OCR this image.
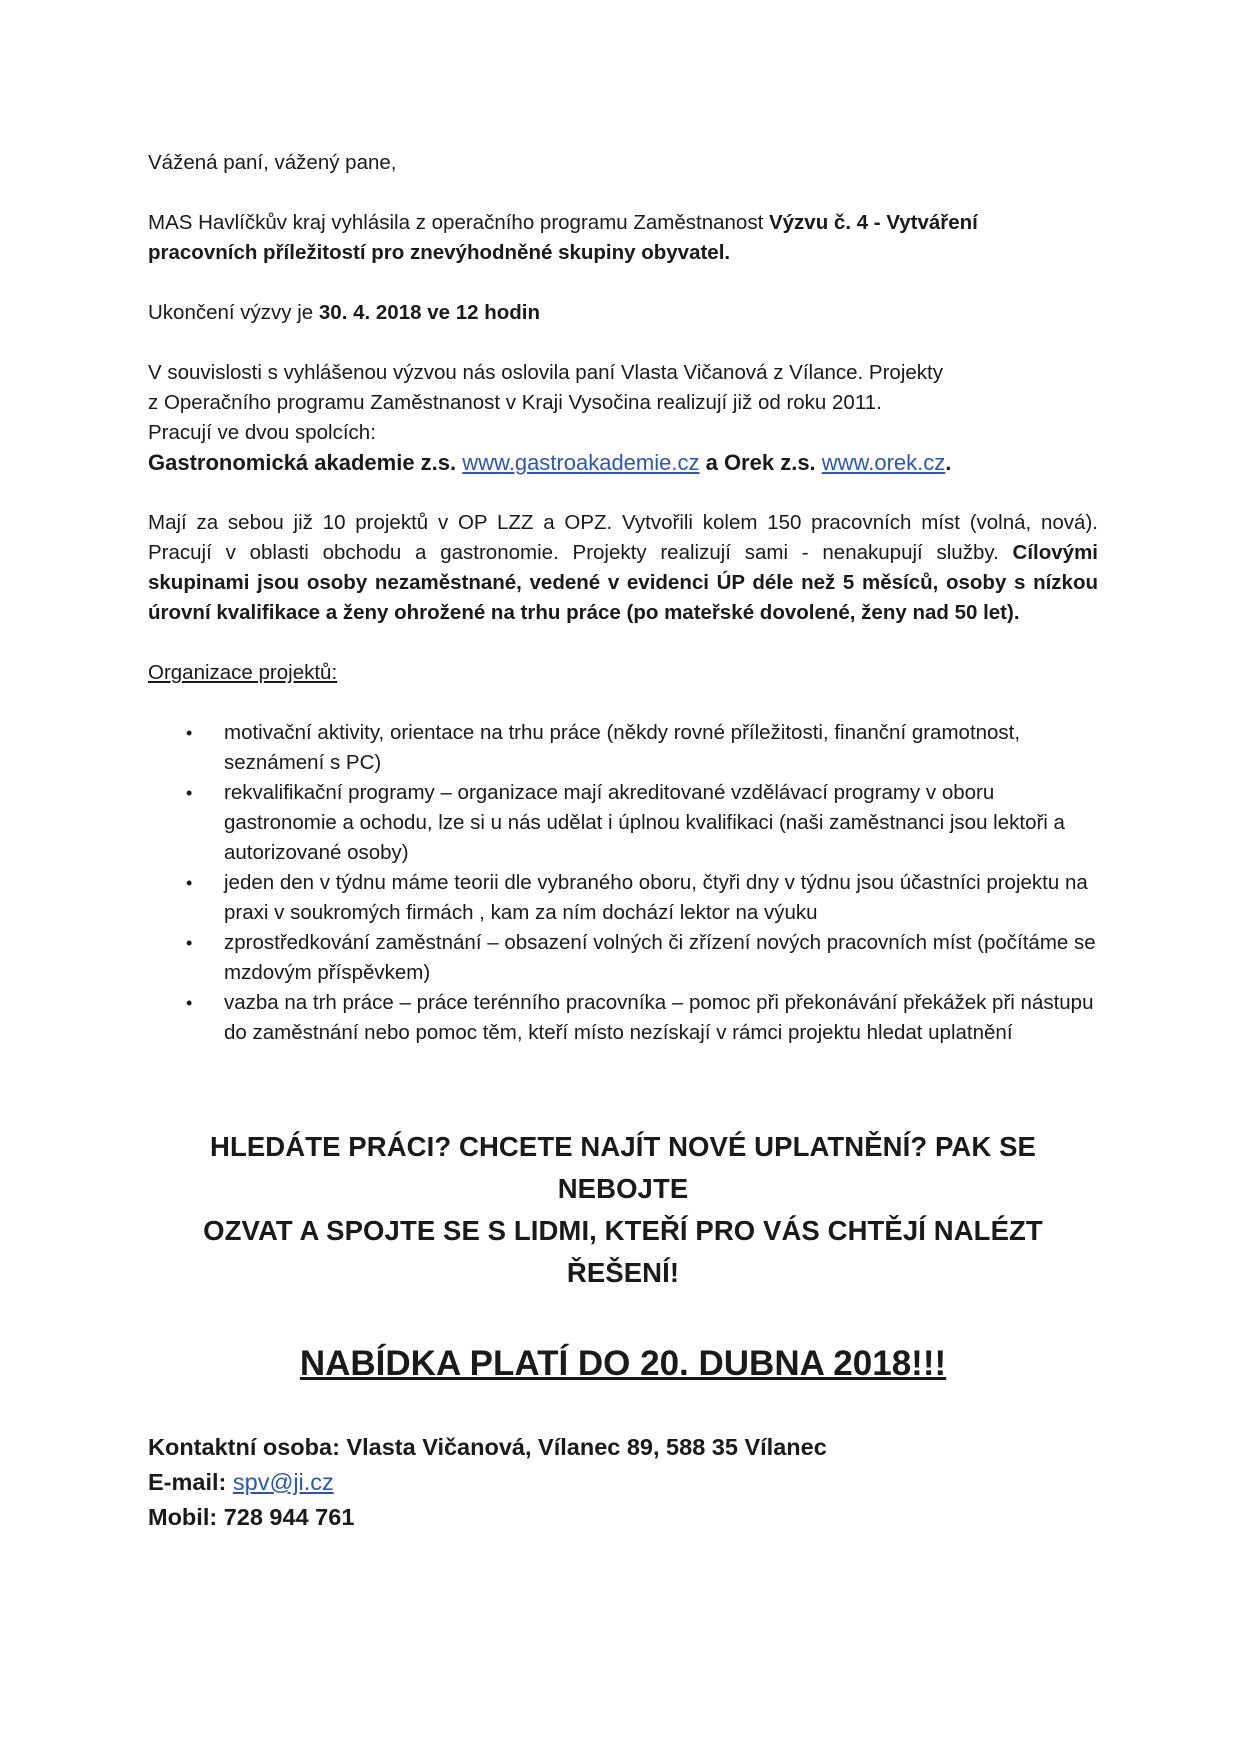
Vážená paní, vážený pane,

MAS Havlíčkův kraj vyhlásila z operačního programu Zaměstnanost Výzvu č. 4 - Vytváření pracovních příležitostí pro znevýhodněné skupiny obyvatel.

Ukončení výzvy je 30. 4. 2018 ve 12 hodin

V souvislosti s vyhlášenou výzvou nás oslovila paní Vlasta Vičanová z Vílance. Projekty

z Operačního programu Zaměstnanost v Kraji Vysočina realizují již od roku 2011.

Pracují ve dvou spolcích:

Gastronomická akademie z.s. www.gastroakademie.cz a Orek z.s. www.orek.cz.

Mají za sebou již 10 projektů v OP LZZ a OPZ. Vytvořili kolem 150 pracovních míst (volná, nová). Pracují v oblasti obchodu a gastronomie. Projekty realizují sami - nenakupují služby. Cílovými skupinami jsou osoby nezaměstnané, vedené v evidenci ÚP déle než 5 měsíců, osoby s nízkou úrovní kvalifikace a ženy ohrožené na trhu práce (po mateřské dovolené, ženy nad 50 let).

Organizace projektů:

• motivační aktivity, orientace na trhu práce (někdy rovné příležitosti, finanční gramotnost, seznámení s PC)
• rekvalifikační programy – organizace mají akreditované vzdělávací programy v oboru gastronomie a ochodu, lze si u nás udělat i úplnou kvalifikaci (naši zaměstnanci jsou lektoři a autorizované osoby)
• jeden den v týdnu máme teorii dle vybraného oboru, čtyři dny v týdnu jsou účastníci projektu na praxi v soukromých firmách , kam za ním dochází lektor na výuku
• zprostředkování zaměstnání – obsazení volných či zřízení nových pracovních míst (počítáme se mzdovým příspěvkem)
• vazba na trh práce – práce terénního pracovníka – pomoc při překonávání překážek při nástupu do zaměstnání nebo pomoc těm, kteří místo nezískají v rámci projektu hledat uplatnění
HLEDÁTE PRÁCI? CHCETE NAJÍT NOVÉ UPLATNĚNÍ? PAK SE NEBOJTE
OZVAT A SPOJTE SE S LIDMI, KTEŘÍ PRO VÁS CHTĚJÍ NALÉZT ŘEŠENÍ!
NABÍDKA PLATÍ DO 20. DUBNA 2018!!!
Kontaktní osoba: Vlasta Vičanová, Vílanec 89, 588 35 Vílanec
E-mail: spv@ji.cz
Mobil: 728 944 761
